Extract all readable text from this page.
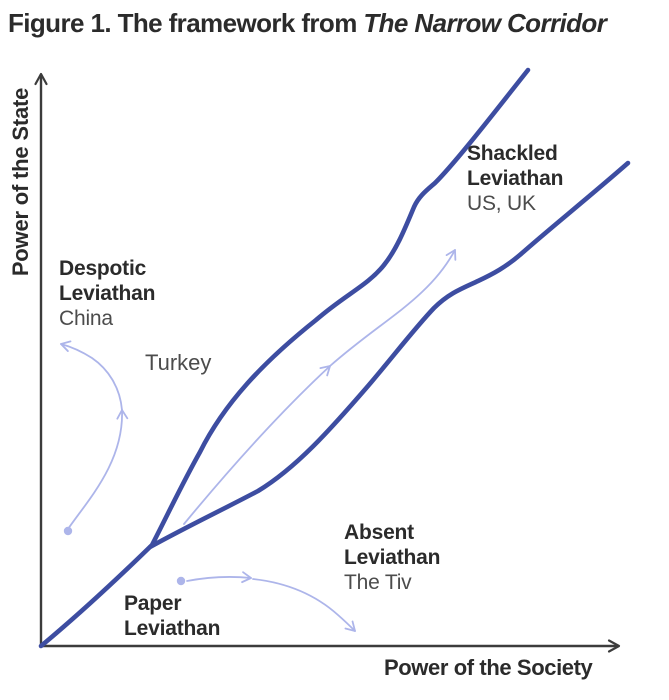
Figure 1. The framework from The Narrow Corridor
Power of the State
Power of the Society
Despotic
Leviathan
China
Turkey
Shackled
Leviathan
US, UK
Absent
Leviathan
The Tiv
Paper
Leviathan
